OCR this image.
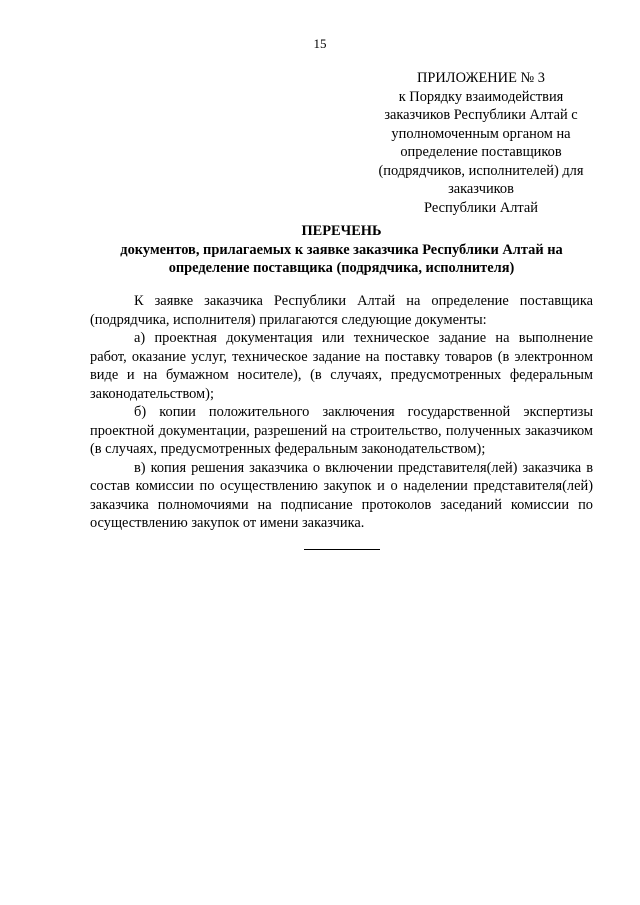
15
ПРИЛОЖЕНИЕ № 3
к Порядку взаимодействия
заказчиков Республики Алтай с
уполномоченным органом на
определение поставщиков
(подрядчиков, исполнителей) для
заказчиков
Республики Алтай
ПЕРЕЧЕНЬ
документов, прилагаемых к заявке заказчика Республики Алтай на
определение поставщика (подрядчика, исполнителя)

К заявке заказчика Республики Алтай на определение поставщика (подрядчика, исполнителя) прилагаются следующие документы:

а) проектная документация или техническое задание на выполнение работ, оказание услуг, техническое задание на поставку товаров (в электронном виде и на бумажном носителе), (в случаях, предусмотренных федеральным законодательством);

б) копии положительного заключения государственной экспертизы проектной документации, разрешений на строительство, полученных заказчиком (в случаях, предусмотренных федеральным законодательством);

в) копия решения заказчика о включении представителя(лей) заказчика в состав комиссии по осуществлению закупок и о наделении представителя(лей) заказчика полномочиями на подписание протоколов заседаний комиссии по осуществлению закупок от имени заказчика.
